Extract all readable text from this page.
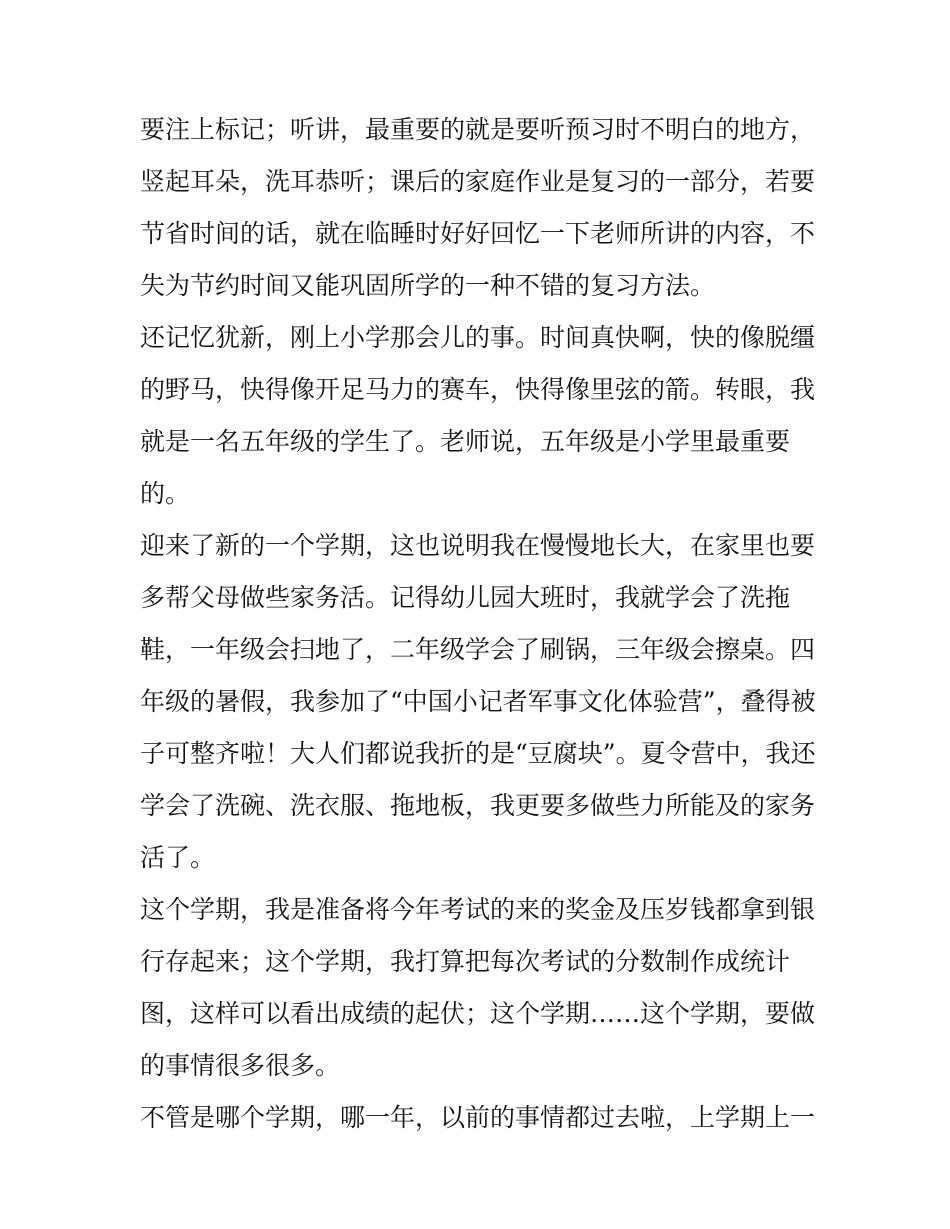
要注上标记；听讲，最重要的就是要听预习时不明白的地方，
竖起耳朵，洗耳恭听；课后的家庭作业是复习的一部分，若要
节省时间的话，就在临睡时好好回忆一下老师所讲的内容，不
失为节约时间又能巩固所学的一种不错的复习方法。
还记忆犹新，刚上小学那会儿的事。时间真快啊，快的像脱缰
的野马，快得像开足马力的赛车，快得像里弦的箭。转眼，我
就是一名五年级的学生了。老师说，五年级是小学里最重要
的。
迎来了新的一个学期，这也说明我在慢慢地长大，在家里也要
多帮父母做些家务活。记得幼儿园大班时，我就学会了洗拖
鞋，一年级会扫地了，二年级学会了刷锅，三年级会擦桌。四
年级的暑假，我参加了“中国小记者军事文化体验营”，叠得被
子可整齐啦！大人们都说我折的是“豆腐块”。夏令营中，我还
学会了洗碗、洗衣服、拖地板，我更要多做些力所能及的家务
活了。
这个学期，我是准备将今年考试的来的奖金及压岁钱都拿到银
行存起来；这个学期，我打算把每次考试的分数制作成统计
图，这样可以看出成绩的起伏；这个学期……这个学期，要做
的事情很多很多。
不管是哪个学期，哪一年，以前的事情都过去啦，上学期上一
